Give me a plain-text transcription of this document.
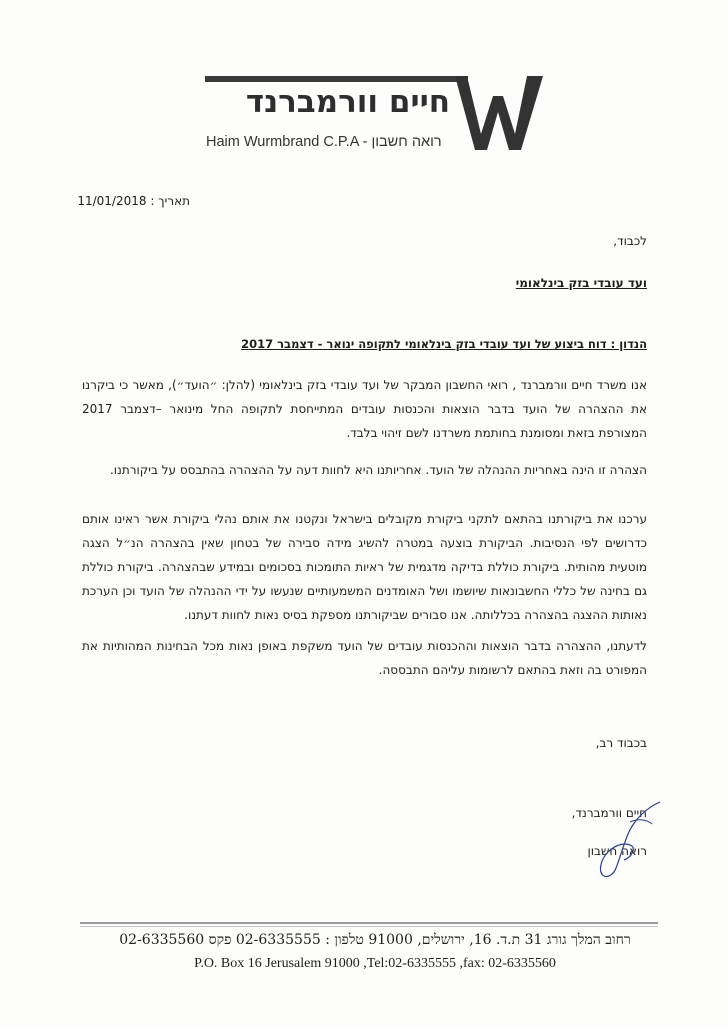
חיים וורמברנד
Haim Wurmbrand C.P.A - רואה חשבון
תאריך : 11/01/2018
לכבוד,
ועד עובדי בזק בינלאומי
הנדון : דוח ביצוע של ועד עובדי בזק בינלאומי לתקופה ינואר - דצמבר 2017
אנו משרד חיים וורמברנד , רואי החשבון המבקר של ועד עובדי בזק בינלאומי (להלן: ״הועד״), מאשר כי ביקרנו את ההצהרה של הועד בדבר הוצאות והכנסות עובדים המתייחסת לתקופה החל מינואר –דצמבר 2017 המצורפת בזאת ומסומנת בחותמת משרדנו לשם זיהוי בלבד.
הצהרה זו הינה באחריות ההנהלה של הועד. אחריותנו היא לחוות דעה על ההצהרה בהתבסס על ביקורתנו.
ערכנו את ביקורתנו בהתאם לתקני ביקורת מקובלים בישראל ונקטנו את אותם נהלי ביקורת אשר ראינו אותם כדרושים לפי הנסיבות. הביקורת בוצעה במטרה להשיג מידה סבירה של בטחון שאין בהצהרה הנ״ל הצגה מוטעית מהותית. ביקורת כוללת בדיקה מדגמית של ראיות התומכות בסכומים ובמידע שבהצהרה. ביקורת כוללת גם בחינה של כללי החשבונאות שיושמו ושל האומדנים המשמעותיים שנעשו על ידי ההנהלה של הועד וכן הערכת נאותות ההצגה בהצהרה בכללותה. אנו סבורים שביקורתנו מספקת בסיס נאות לחוות דעתנו.
לדעתנו, ההצהרה בדבר הוצאות וההכנסות עובדים של הועד משקפת באופן נאות מכל הבחינות המהותיות את המפורט בה וזאת בהתאם לרשומות עליהם התבססה.
בכבוד רב,
חיים וורמברנד,
רואה חשבון
רחוב המלך גורג 31 ת.ד. 16, ירושלים, 91000 טלפון : 02-6335555 פקס 02-6335560
P.O. Box 16 Jerusalem 91000 ,Tel:02-6335555 ,fax: 02-6335560
